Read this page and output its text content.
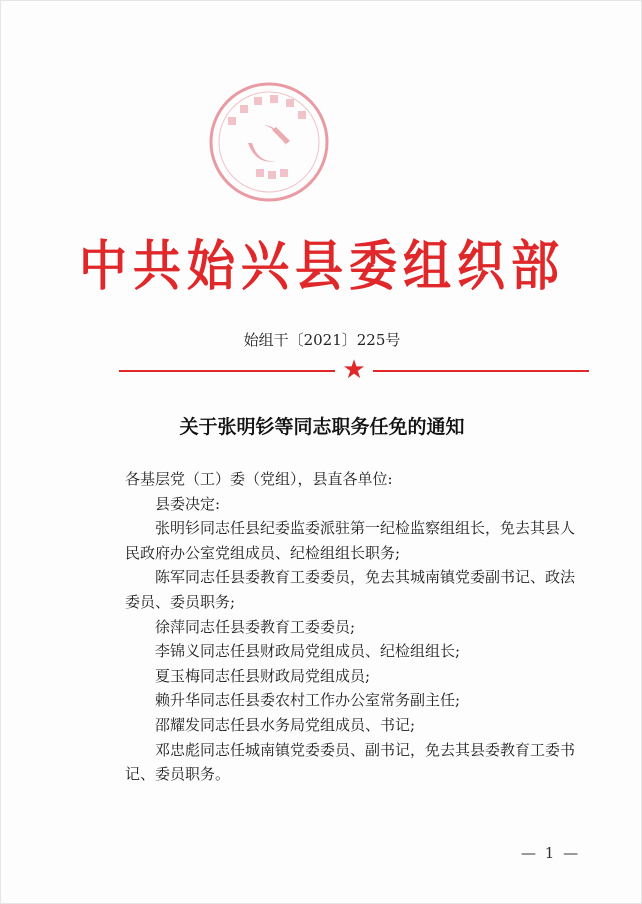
中共始兴县委组织部
始组干〔2021〕225号
★
关于张明钐等同志职务任免的通知

各基层党（工）委（党组），县直各单位:

县委决定:

张明钐同志任县纪委监委派驻第一纪检监察组组长，免去其县人民政府办公室党组成员、纪检组组长职务;

陈军同志任县委教育工委委员，免去其城南镇党委副书记、政法委员、委员职务;

徐萍同志任县委教育工委委员;

李锦义同志任县财政局党组成员、纪检组组长;

夏玉梅同志任县财政局党组成员;

赖升华同志任县委农村工作办公室常务副主任;

邵耀发同志任县水务局党组成员、书记;

邓忠彪同志任城南镇党委委员、副书记，免去其县委教育工委书记、委员职务。

— 1 —
